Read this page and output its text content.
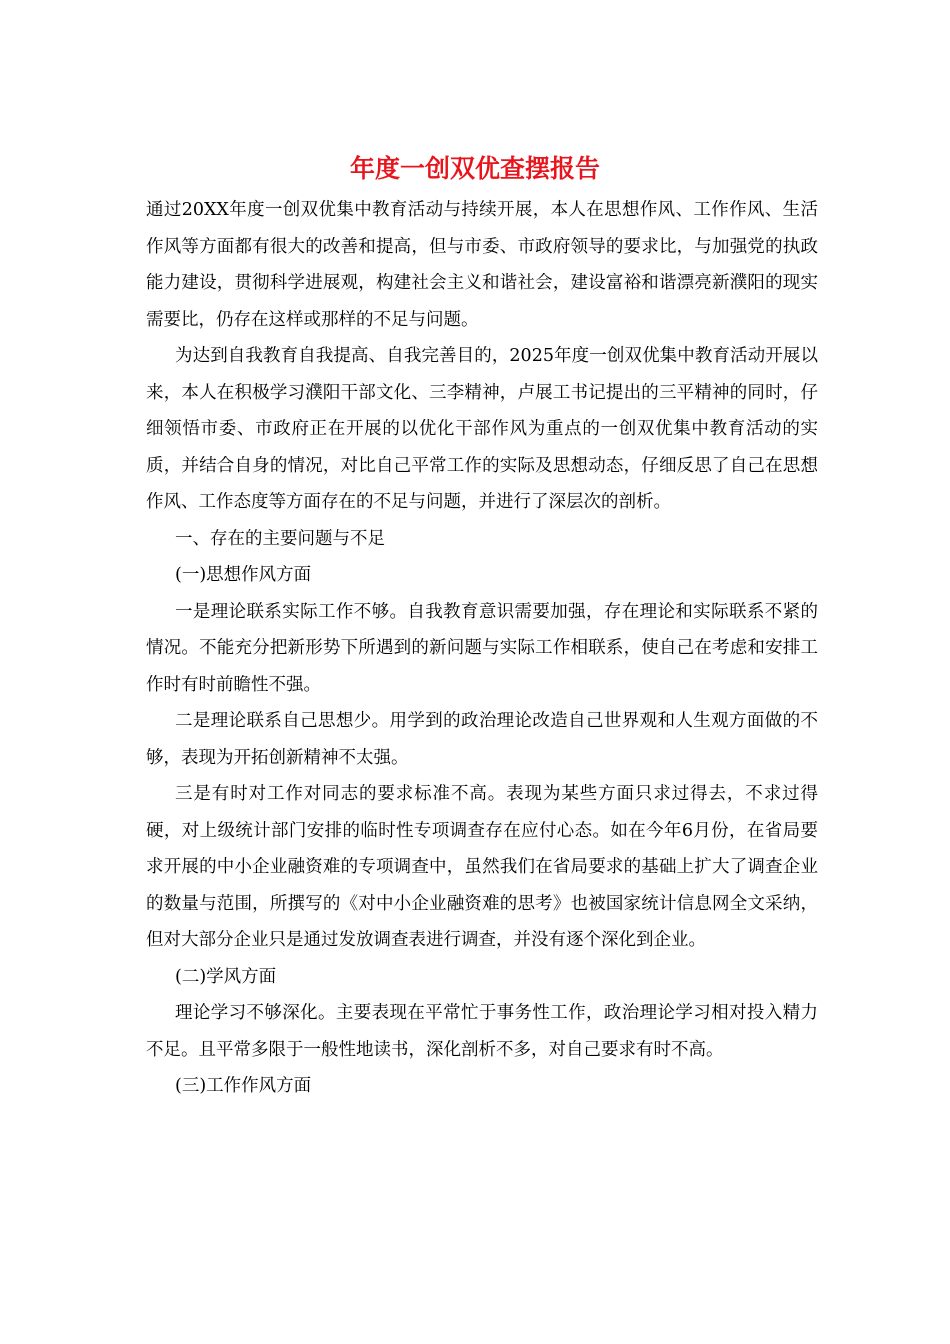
年度一创双优查摆报告

通过20XX年度一创双优集中教育活动与持续开展，本人在思想作风、工作作风、生活作风等方面都有很大的改善和提高，但与市委、市政府领导的要求比，与加强党的执政能力建设，贯彻科学进展观，构建社会主义和谐社会，建设富裕和谐漂亮新濮阳的现实需要比，仍存在这样或那样的不足与问题。

为达到自我教育自我提高、自我完善目的，2025年度一创双优集中教育活动开展以来，本人在积极学习濮阳干部文化、三李精神，卢展工书记提出的三平精神的同时，仔细领悟市委、市政府正在开展的以优化干部作风为重点的一创双优集中教育活动的实质，并结合自身的情况，对比自己平常工作的实际及思想动态，仔细反思了自己在思想作风、工作态度等方面存在的不足与问题，并进行了深层次的剖析。

一、存在的主要问题与不足

(一)思想作风方面

一是理论联系实际工作不够。自我教育意识需要加强，存在理论和实际联系不紧的情况。不能充分把新形势下所遇到的新问题与实际工作相联系，使自己在考虑和安排工作时有时前瞻性不强。

二是理论联系自己思想少。用学到的政治理论改造自己世界观和人生观方面做的不够，表现为开拓创新精神不太强。

三是有时对工作对同志的要求标准不高。表现为某些方面只求过得去，不求过得硬，对上级统计部门安排的临时性专项调查存在应付心态。如在今年6月份，在省局要求开展的中小企业融资难的专项调查中，虽然我们在省局要求的基础上扩大了调查企业的数量与范围，所撰写的《对中小企业融资难的思考》也被国家统计信息网全文采纳，但对大部分企业只是通过发放调查表进行调查，并没有逐个深化到企业。

(二)学风方面

理论学习不够深化。主要表现在平常忙于事务性工作，政治理论学习相对投入精力不足。且平常多限于一般性地读书，深化剖析不多，对自己要求有时不高。

(三)工作作风方面
